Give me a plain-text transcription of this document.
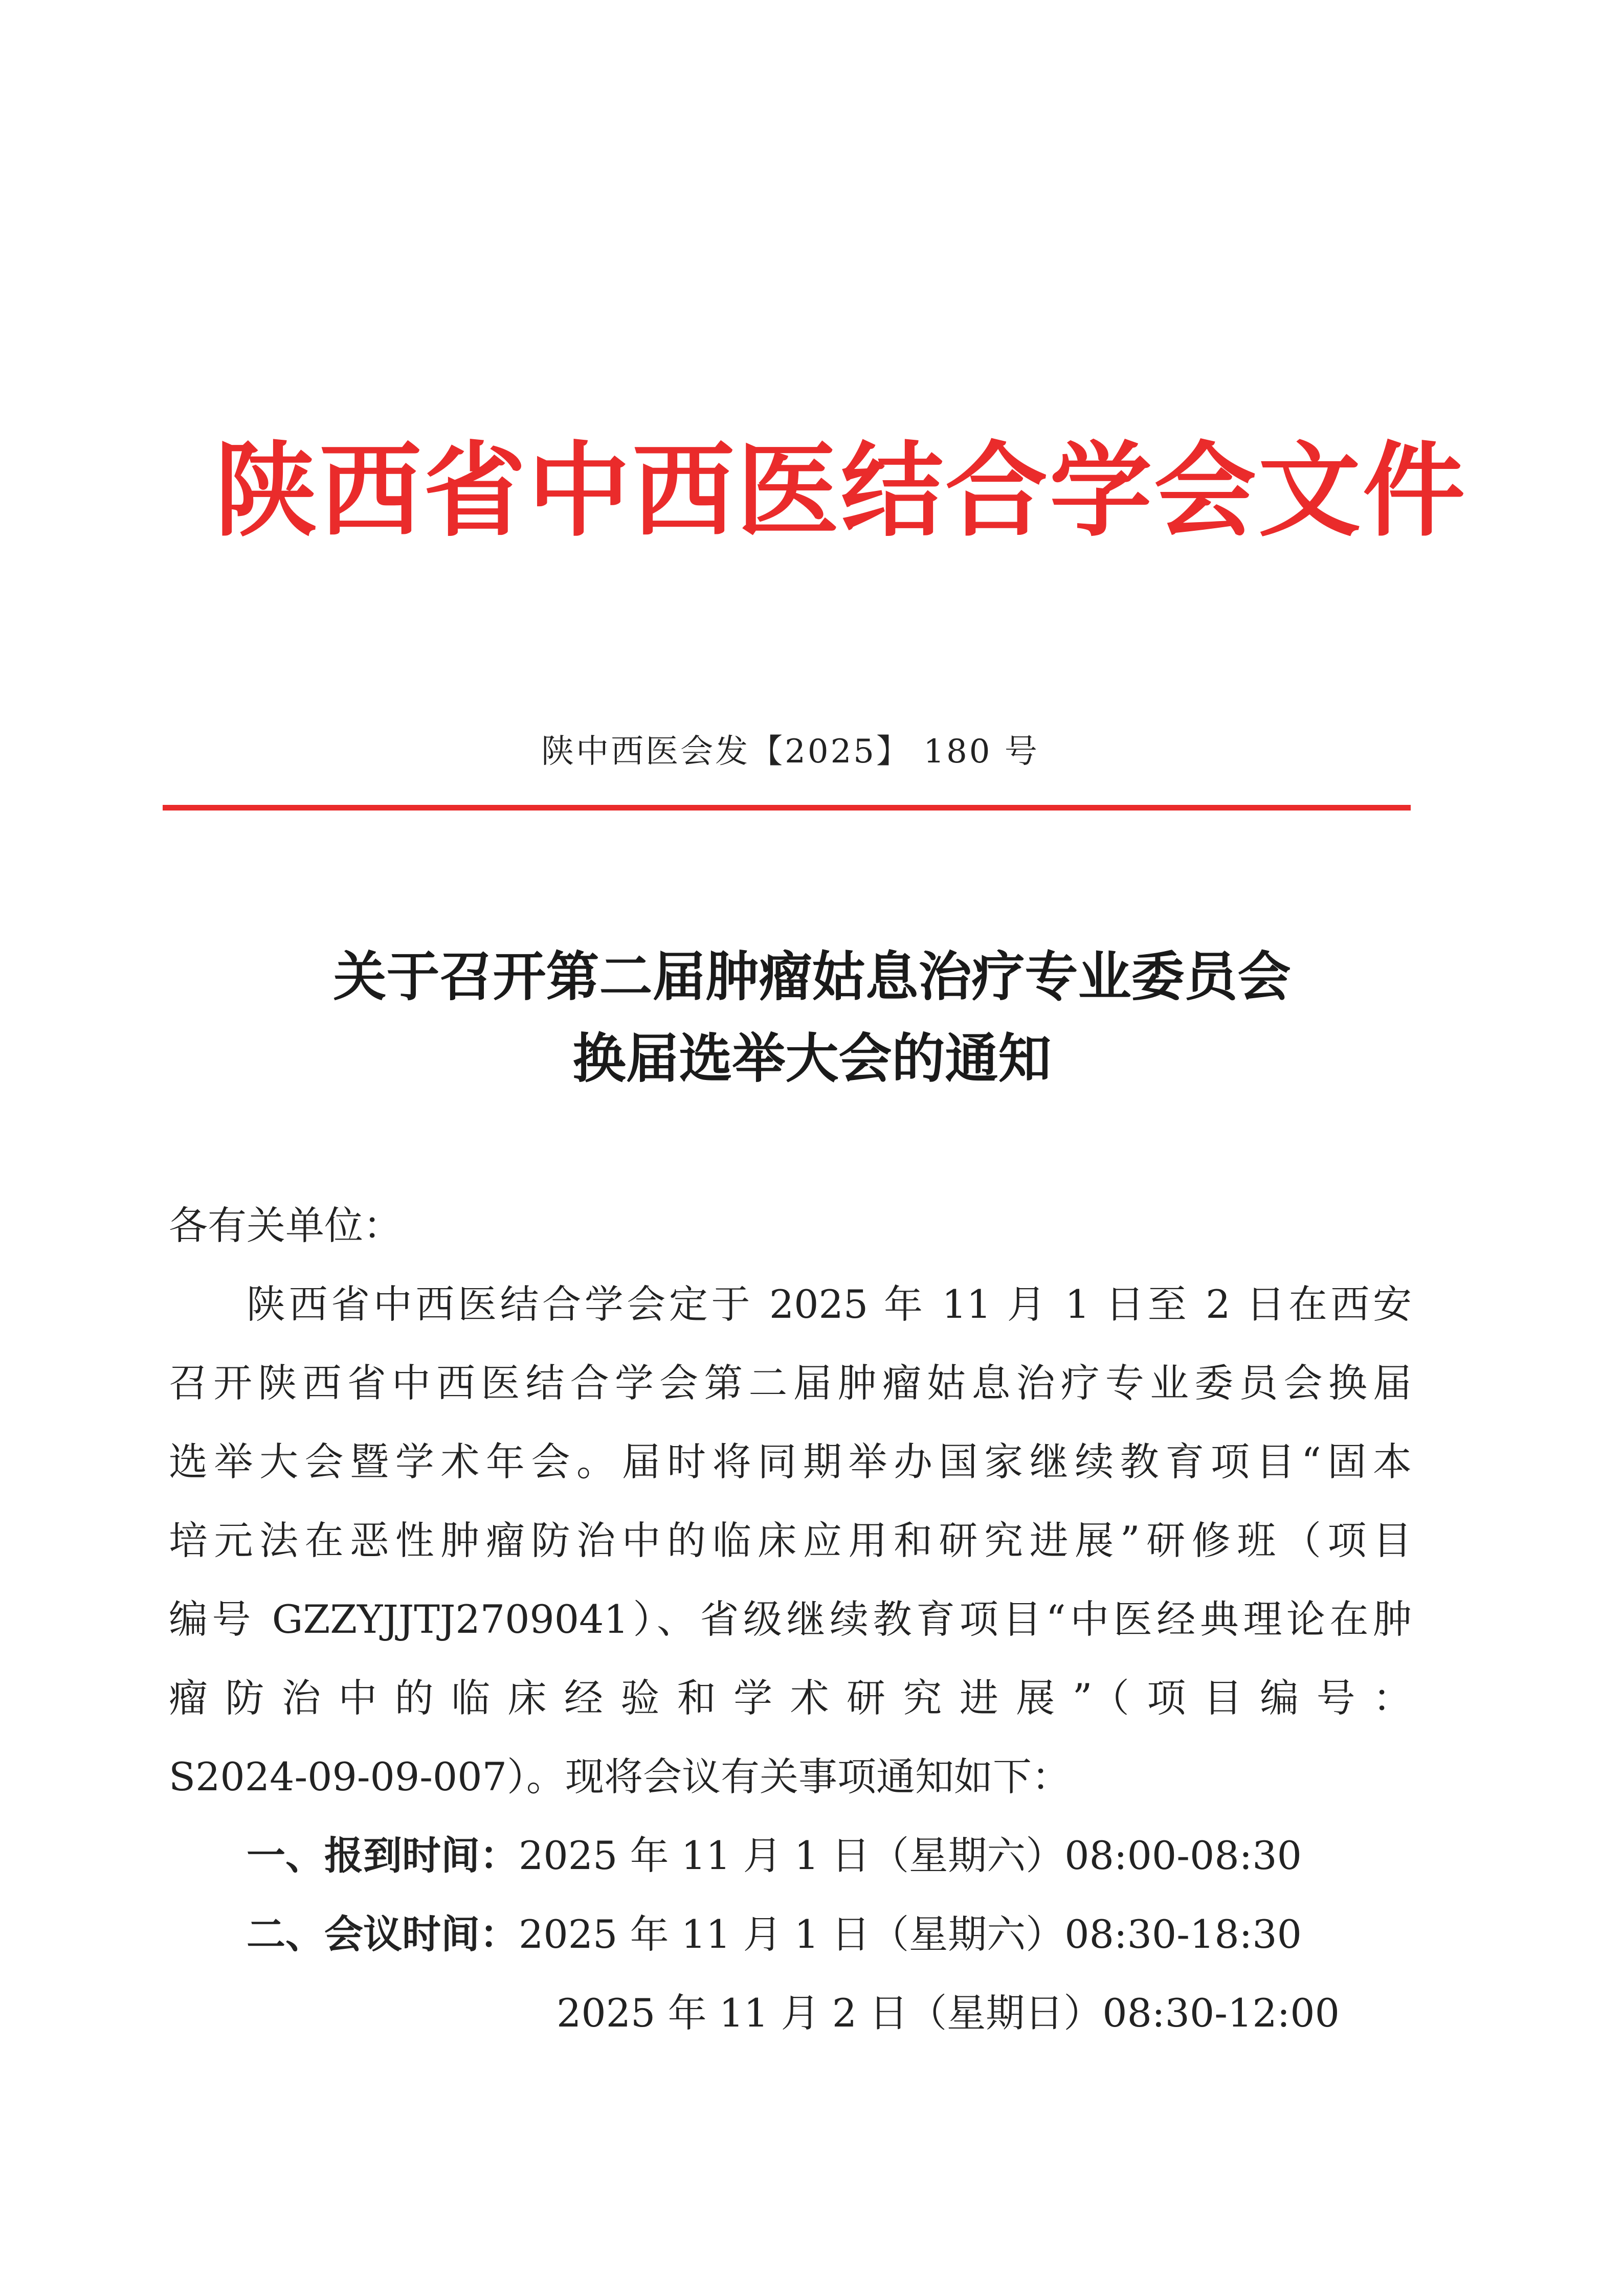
陕西省中西医结合学会文件
陕中西医会发【2025】 180 号
关于召开第二届肿瘤姑息治疗专业委员会
换届选举大会的通知
各有关单位：
陕西省中西医结合学会定于 2025 年 11 月 1 日至 2 日在西安
召开陕西省中西医结合学会第二届肿瘤姑息治疗专业委员会换届
选举大会暨学术年会。届时将同期举办国家继续教育项目“固本
培元法在恶性肿瘤防治中的临床应用和研究进展”研修班（项目
编号 GZZYJJTJ2709041）、省级继续教育项目“中医经典理论在肿
瘤防治中的临床经验和学术研究进展”（项目编号：
S2024-09-09-007）。现将会议有关事项通知如下：
一、报到时间：2025 年 11 月 1 日（星期六）08:00-08:30
二、会议时间：2025 年 11 月 1 日（星期六）08:30-18:30
2025 年 11 月 2 日（星期日）08:30-12:00
